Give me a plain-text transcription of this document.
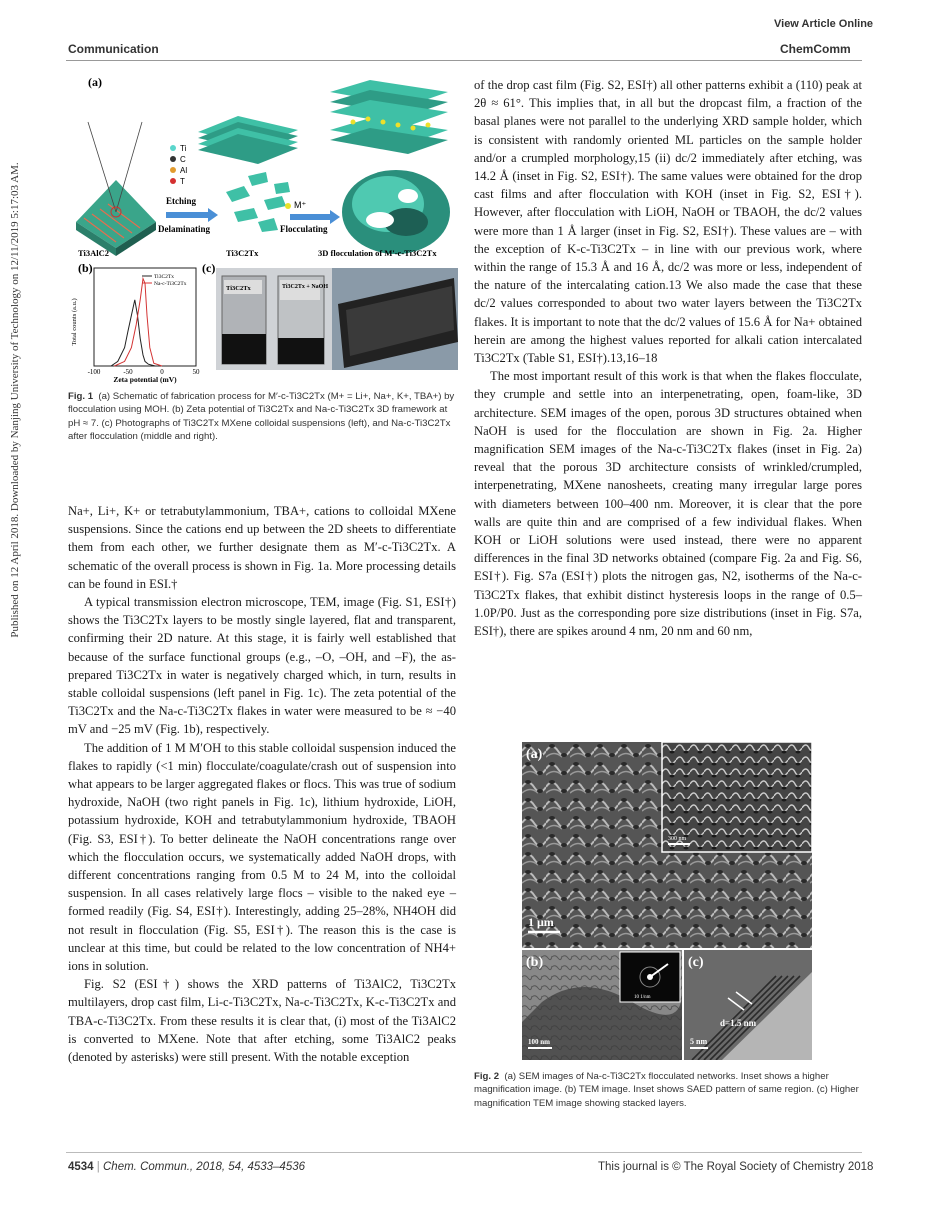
View Article Online
Communication	ChemComm
Published on 12 April 2018. Downloaded by Nanjing University of Technology on 12/11/2019 5:17:03 AM.
(a)
Ti
C
Al
T
Etching
Delaminating
M⁺
Flocculating
Ti3AlC2	Ti3C2Tx	3D flocculation of M'-c-Ti3C2Tx
(b)
Total counts (a.u.)
Zeta potential (mV)
-100	-50	0	50
Ti3C2Tx
Na-c-Ti3C2Tx
(c)
Ti3C2Tx	Ti3C2Tx + NaOH
Fig. 1 (a) Schematic of fabrication process for M′-c-Ti3C2Tx (M+ = Li+, Na+, K+, TBA+) by flocculation using MOH. (b) Zeta potential of Ti3C2Tx and Na-c-Ti3C2Tx 3D framework at pH ≈ 7. (c) Photographs of Ti3C2Tx MXene colloidal suspensions (left), and Na-c-Ti3C2Tx after flocculation (middle and right).

Na+, Li+, K+ or tetrabutylammonium, TBA+, cations to colloidal MXene suspensions. Since the cations end up between the 2D sheets to differentiate them from each other, we further designate them as M′-c-Ti3C2Tx. A schematic of the overall process is shown in Fig. 1a. More processing details can be found in ESI.†

A typical transmission electron microscope, TEM, image (Fig. S1, ESI†) shows the Ti3C2Tx layers to be mostly single layered, flat and transparent, confirming their 2D nature. At this stage, it is fairly well established that because of the surface functional groups (e.g., –O, –OH, and –F), the as-prepared Ti3C2Tx in water is negatively charged which, in turn, results in stable colloidal suspensions (left panel in Fig. 1c). The zeta potential of the Ti3C2Tx and the Na-c-Ti3C2Tx flakes in water were measured to be ≈ −40 mV and −25 mV (Fig. 1b), respectively.

The addition of 1 M M′OH to this stable colloidal suspension induced the flakes to rapidly (<1 min) flocculate/coagulate/crash out of suspension into what appears to be larger aggregated flakes or flocs. This was true of sodium hydroxide, NaOH (two right panels in Fig. 1c), lithium hydroxide, LiOH, potassium hydroxide, KOH and tetrabutylammonium hydroxide, TBAOH (Fig. S3, ESI†). To better delineate the NaOH concentrations range over which the flocculation occurs, we systematically added NaOH drops, with different concentrations ranging from 0.5 M to 24 M, into the colloidal suspension. In all cases relatively large flocs – visible to the naked eye – formed readily (Fig. S4, ESI†). Interestingly, adding 25–28%, NH4OH did not result in flocculation (Fig. S5, ESI†). The reason this is the case is unclear at this time, but could be related to the low concentration of NH4+ ions in solution.

Fig. S2 (ESI†) shows the XRD patterns of Ti3AlC2, Ti3C2Tx multilayers, drop cast film, Li-c-Ti3C2Tx, Na-c-Ti3C2Tx, K-c-Ti3C2Tx and TBA-c-Ti3C2Tx. From these results it is clear that, (i) most of the Ti3AlC2 is converted to MXene. Note that after etching, some Ti3AlC2 peaks (denoted by asterisks) were still present. With the notable exception

of the drop cast film (Fig. S2, ESI†) all other patterns exhibit a (110) peak at 2θ ≈ 61°. This implies that, in all but the dropcast film, a fraction of the basal planes were not parallel to the underlying XRD sample holder, which is consistent with randomly oriented ML particles on the sample holder and/or a crumpled morphology,15 (ii) dc/2 immediately after etching, was 14.2 Å (inset in Fig. S2, ESI†). The same values were obtained for the drop cast films and after flocculation with KOH (inset in Fig. S2, ESI†). However, after flocculation with LiOH, NaOH or TBAOH, the dc/2 values were more than 1 Å larger (inset in Fig. S2, ESI†). These values are – with the exception of K-c-Ti3C2Tx – in line with our previous work, where within the range of 15.3 Å and 16 Å, dc/2 was more or less, independent of the nature of the intercalating cation.13 We also made the case that these dc/2 values corresponded to about two water layers between the Ti3C2Tx flakes. It is important to note that the dc/2 values of 15.6 Å for Na+ obtained herein are among the highest values reported for alkali cation intercalated Ti3C2Tx (Table S1, ESI†).13,16–18

The most important result of this work is that when the flakes flocculate, they crumple and settle into an interpenetrating, open, foam-like, 3D architecture. SEM images of the open, porous 3D structures obtained when NaOH is used for the flocculation are shown in Fig. 2a. Higher magnification SEM images of the Na-c-Ti3C2Tx flakes (inset in Fig. 2a) reveal that the porous 3D architecture consists of wrinkled/crumpled, interpenetrating, MXene nanosheets, creating many irregular large pores with diameters between 100–400 nm. Moreover, it is clear that the pore walls are quite thin and are comprised of a few individual flakes. When KOH or LiOH solutions were used instead, there were no apparent differences in the final 3D networks obtained (compare Fig. 2a and Fig. S6, ESI†). Fig. S7a (ESI†) plots the nitrogen gas, N2, isotherms of the Na-c-Ti3C2Tx flakes, that exhibit distinct hysteresis loops in the range of 0.5–1.0P/P0. Just as the corresponding pore size distributions (inset in Fig. S7a, ESI†), there are spikes around 4 nm, 20 nm and 60 nm,

(a)
300 nm
1 μm
10 1/nm
(b)
100 nm
(c)
d=1.5 nm
5 nm
Fig. 2 (a) SEM images of Na-c-Ti3C2Tx flocculated networks. Inset shows a higher magnification image. (b) TEM image. Inset shows SAED pattern of same region. (c) Higher magnification TEM image showing stacked layers.
4534 | Chem. Commun., 2018, 54, 4533–4536	This journal is © The Royal Society of Chemistry 2018
